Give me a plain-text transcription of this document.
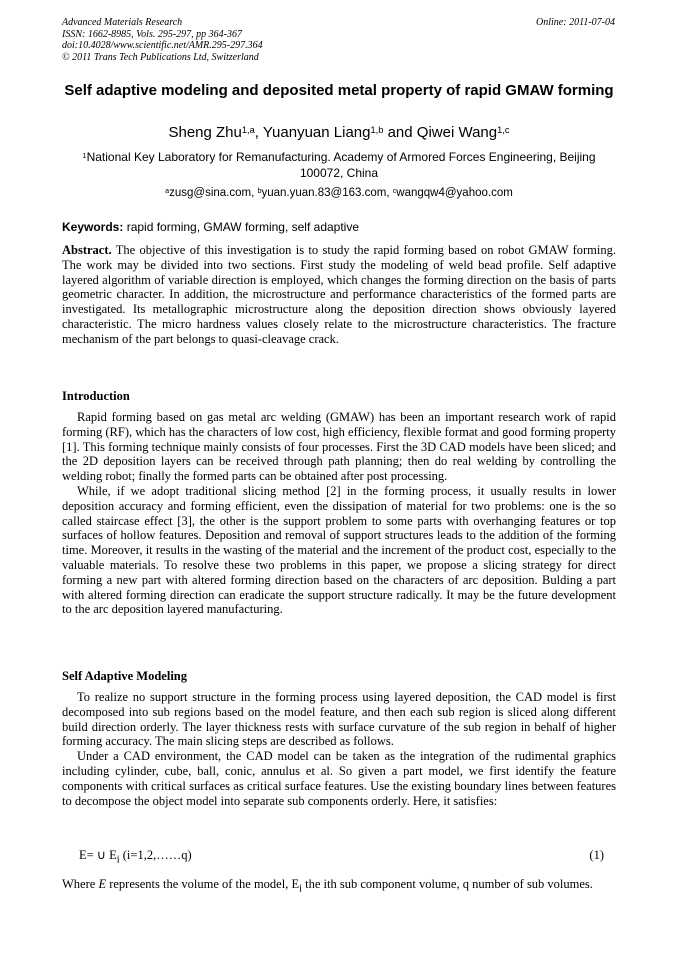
Advanced Materials Research
ISSN: 1662-8985, Vols. 295-297, pp 364-367
doi:10.4028/www.scientific.net/AMR.295-297.364
© 2011 Trans Tech Publications Ltd, Switzerland
Online: 2011-07-04
Self adaptive modeling and deposited metal property of rapid GMAW forming
Sheng Zhu$^{1,a}$, Yuanyuan Liang$^{1,b}$ and Qiwei Wang$^{1,c}$
$^1$National Key Laboratory for Remanufacturing. Academy of Armored Forces Engineering, Beijing 100072, China
$^a$zusg@sina.com, $^b$yuan.yuan.83@163.com, $^c$wangqw4@yahoo.com
Keywords: rapid forming, GMAW forming, self adaptive
Abstract. The objective of this investigation is to study the rapid forming based on robot GMAW forming. The work may be divided into two sections. First study the modeling of weld bead profile. Self adaptive layered algorithm of variable direction is employed, which changes the forming direction on the basis of parts geometric character. In addition, the microstructure and performance characteristics of the formed parts are investigated. Its metallographic microstructure along the deposition direction shows obviously layered characteristic. The micro hardness values closely relate to the microstructure characteristics. The fracture mechanism of the part belongs to quasi-cleavage crack.
Introduction

Rapid forming based on gas metal arc welding (GMAW) has been an important research work of rapid forming (RF), which has the characters of low cost, high efficiency, flexible format and good forming property [1]. This forming technique mainly consists of four processes. First the 3D CAD models have been sliced; and the 2D deposition layers can be received through path planning; then do real welding by controlling the welding robot; finally the formed parts can be obtained after post processing.

While, if we adopt traditional slicing method [2] in the forming process, it usually results in lower deposition accuracy and forming efficient, even the dissipation of material for two problems: one is the so called staircase effect [3], the other is the support problem to some parts with overhanging features or top surfaces of hollow features. Deposition and removal of support structures leads to the addition of the forming time. Moreover, it results in the wasting of the material and the increment of the product cost, especially to the valuable materials. To resolve these two problems in this paper, we propose a slicing strategy for direct forming a new part with altered forming direction based on the characters of arc deposition. Bulding a part with altered forming direction can eradicate the support structure radically. It may be the future development to the arc deposition layered manufacturing.

Self Adaptive Modeling

To realize no support structure in the forming process using layered deposition, the CAD model is first decomposed into sub regions based on the model feature, and then each sub region is sliced along different build direction orderly. The layer thickness rests with surface curvature of the sub region in behalf of higher forming accuracy. The main slicing steps are described as follows.

Under a CAD environment, the CAD model can be taken as the integration of the rudimental graphics including cylinder, cube, ball, conic, annulus et al. So given a part model, we first identify the feature components with critical surfaces as critical surface features. Use the existing boundary lines between features to decompose the object model into separate sub components orderly. Here, it satisfies:

E= ∪ $E_i$ (i=1,2,……q)	(1)
Where E represents the volume of the model, $E_i$ the ith sub component volume, q number of sub volumes.
